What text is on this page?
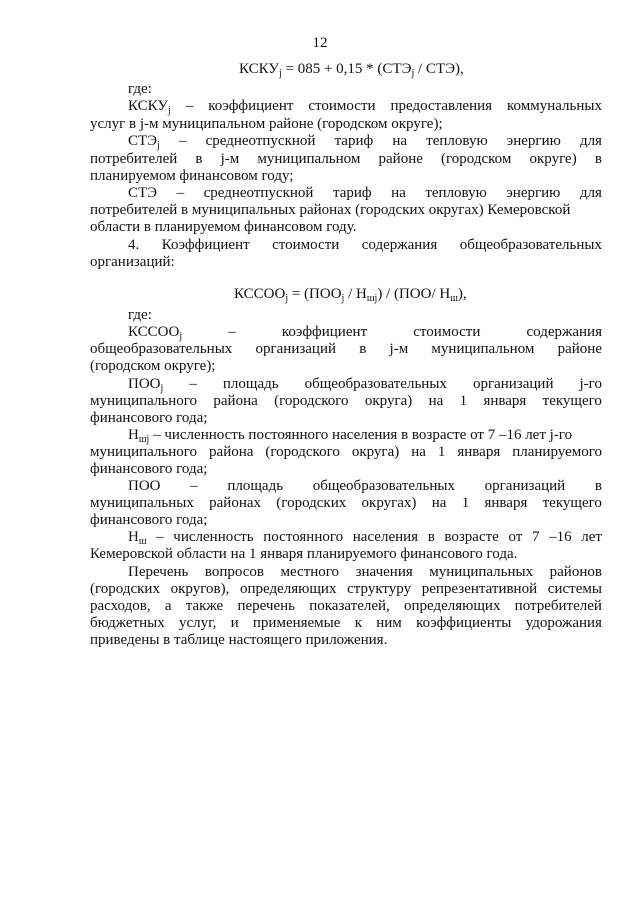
12
$КСКУ_j = 085 + 0,15 * (СТЭ_j / СТЭ)$,
где:
$КСКУ_j$ – коэффициент стоимости предоставления коммунальных
услуг в j-м муниципальном районе (городском округе);
$СТЭ_j$ – среднеотпускной тариф на тепловую энергию для
потребителей в j-м муниципальном районе (городском округе) в
планируемом финансовом году;
СТЭ – среднеотпускной тариф на тепловую энергию для
потребителей в муниципальных районах (городских округах) Кемеровской
области в планируемом финансовом году.
4. Коэффициент стоимости содержания общеобразовательных
организаций:
$КССОО_j = (ПОО_j / Н_{шj}) / (ПОО/$ $Н_ш$),
где:
$КССОО_j$	–	коэффициент	стоимости	содержания
общеобразовательных организаций в j-м муниципальном районе
(городском округе);
$ПОО_j$ – площадь общеобразовательных организаций j-го
муниципального района (городского округа) на 1 января текущего
финансового года;
$Н_{шj}$ – численность постоянного населения в возрасте от 7 –16 лет j-го
муниципального района (городского округа) на 1 января планируемого
финансового года;
ПОО – площадь общеобразовательных организаций в
муниципальных районах (городских округах) на 1 января текущего
финансового года;
$Н_ш$ – численность постоянного населения в возрасте от 7 –16 лет
Кемеровской области на 1 января планируемого финансового года.
Перечень вопросов местного значения муниципальных районов
(городских округов), определяющих структуру репрезентативной системы
расходов, а также перечень показателей, определяющих потребителей
бюджетных услуг, и применяемые к ним коэффициенты удорожания
приведены в таблице настоящего приложения.
